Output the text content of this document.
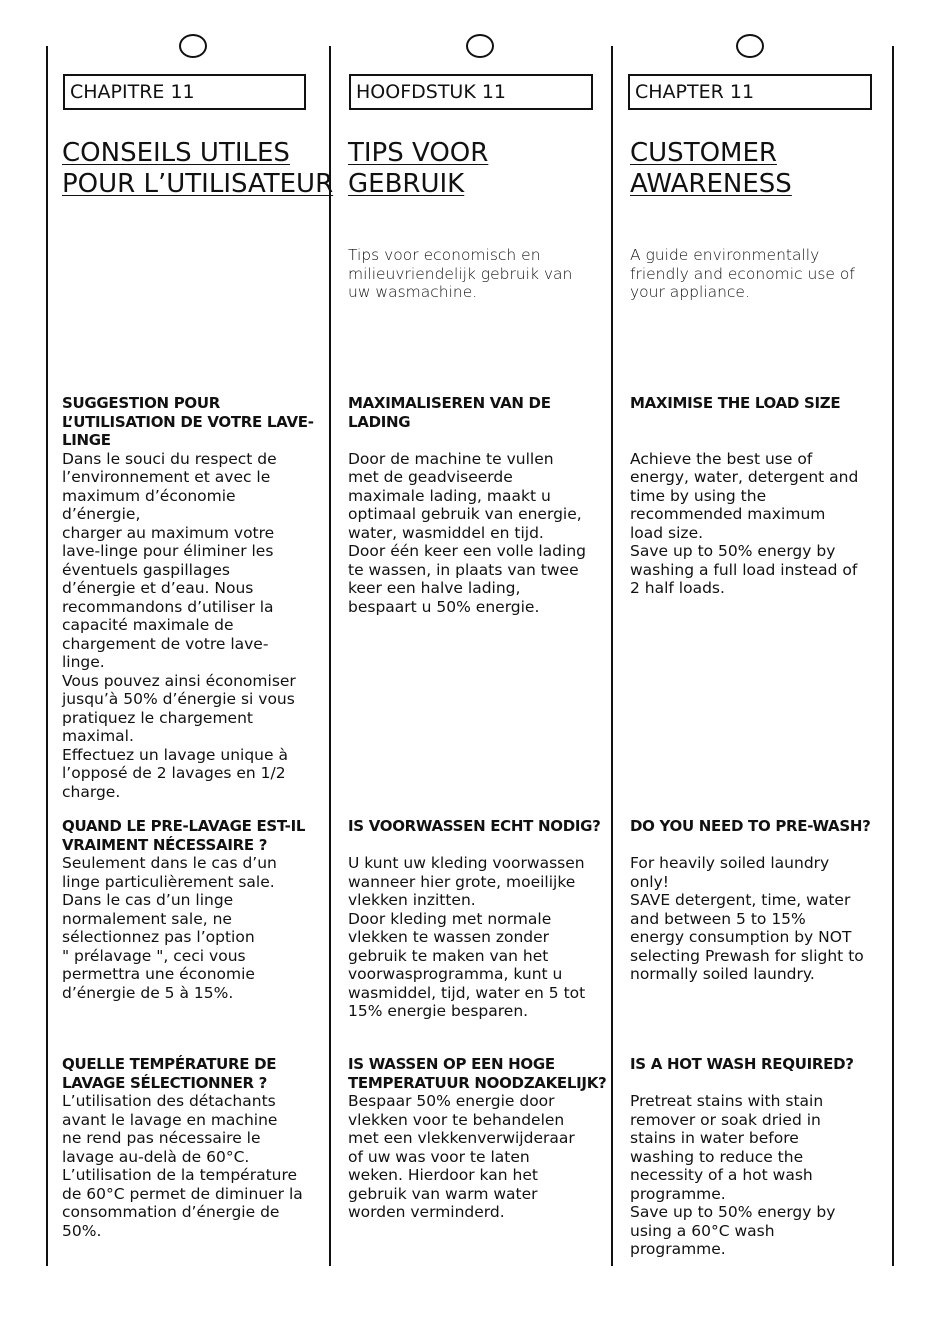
CHAPITRE 11
CONSEILS UTILES
POUR L’UTILISATEUR
SUGGESTION POUR
L’UTILISATION DE VOTRE LAVE-
LINGE

Dans le souci du respect de
l’environnement et avec le
maximum d’économie
d’énergie,
charger au maximum votre
lave-linge pour éliminer les
éventuels gaspillages
d’énergie et d’eau. Nous
recommandons d’utiliser la
capacité maximale de
chargement de votre lave-
linge.
Vous pouvez ainsi économiser
jusqu’à 50% d’énergie si vous
pratiquez le chargement
maximal.
Effectuez un lavage unique à
l’opposé de 2 lavages en 1/2
charge.

QUAND LE PRE-LAVAGE EST-IL
VRAIMENT NÉCESSAIRE ?

Seulement dans le cas d’un
linge particulièrement sale.
Dans le cas d’un linge
normalement sale, ne
sélectionnez pas l’option
" prélavage ", ceci vous
permettra une économie
d’énergie de 5 à 15%.

QUELLE TEMPÉRATURE DE
LAVAGE SÉLECTIONNER ?

L’utilisation des détachants
avant le lavage en machine
ne rend pas nécessaire le
lavage au-delà de 60°C.
L’utilisation de la température
de 60°C permet de diminuer la
consommation d’énergie de
50%.

HOOFDSTUK 11
TIPS VOOR
GEBRUIK

Tips voor economisch en
milieuvriendelijk gebruik van
uw wasmachine.

MAXIMALISEREN VAN DE
LADING

Door de machine te vullen
met de geadviseerde
maximale lading, maakt u
optimaal gebruik van energie,
water, wasmiddel en tijd.
Door één keer een volle lading
te wassen, in plaats van twee
keer een halve lading,
bespaart u 50% energie.

IS VOORWASSEN ECHT NODIG?

U kunt uw kleding voorwassen
wanneer hier grote, moeilijke
vlekken inzitten.
Door kleding met normale
vlekken te wassen zonder
gebruik te maken van het
voorwasprogramma, kunt u
wasmiddel, tijd, water en 5 tot
15% energie besparen.

IS WASSEN OP EEN HOGE
TEMPERATUUR NOODZAKELIJK?

Bespaar 50% energie door
vlekken voor te behandelen
met een vlekkenverwijderaar
of uw was voor te laten
weken. Hierdoor kan het
gebruik van warm water
worden verminderd.

CHAPTER 11
CUSTOMER
AWARENESS

A guide environmentally
friendly and economic use of
your appliance.

MAXIMISE THE LOAD SIZE

Achieve the best use of
energy, water, detergent and
time by using the
recommended maximum
load size.
Save up to 50% energy by
washing a full load instead of
2 half loads.

DO YOU NEED TO PRE-WASH?

For heavily soiled laundry
only!
SAVE detergent, time, water
and between 5 to 15%
energy consumption by NOT
selecting Prewash for slight to
normally soiled laundry.

IS A HOT WASH REQUIRED?

Pretreat stains with stain
remover or soak dried in
stains in water before
washing to reduce the
necessity of a hot wash
programme.
Save up to 50% energy by
using a 60°C wash
programme.
